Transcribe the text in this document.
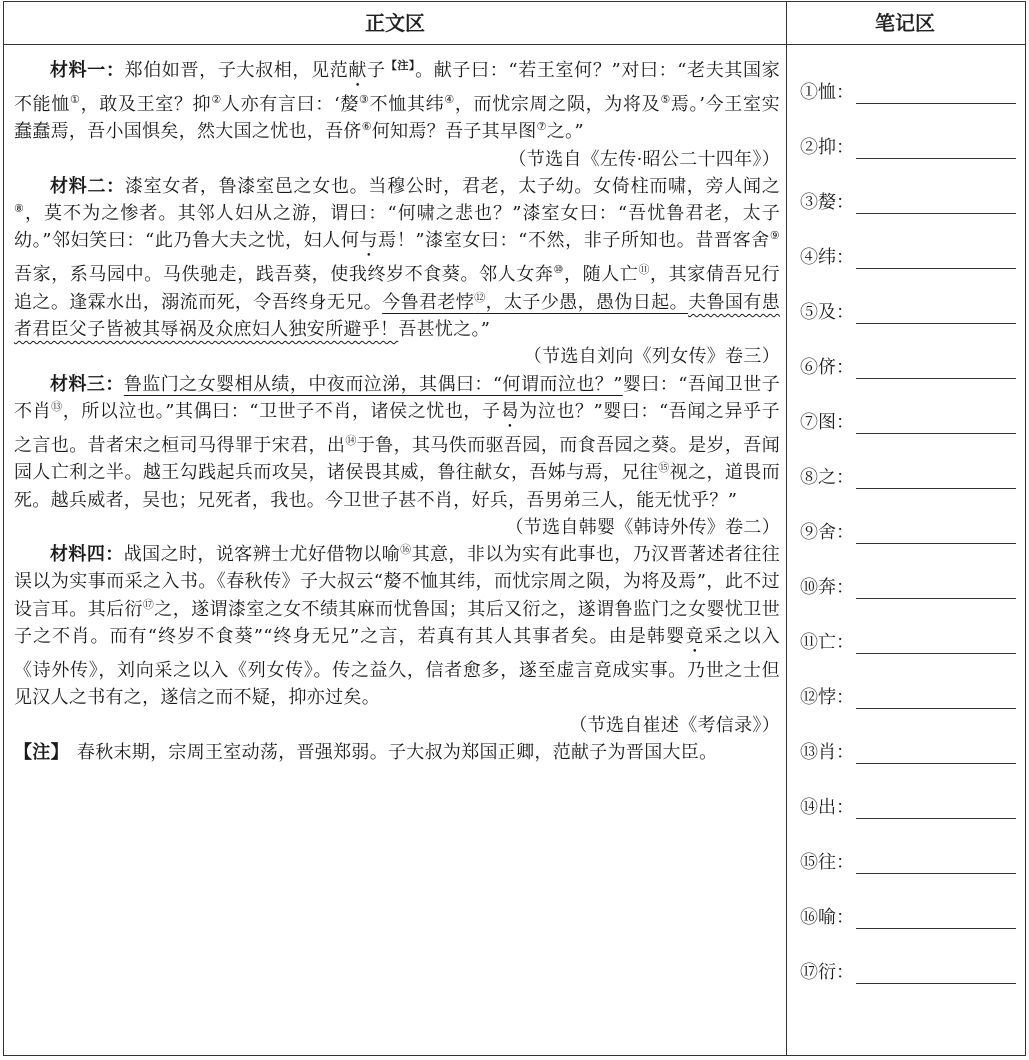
正文区	笔记区
材料一：郑伯如晋，子大叔相，见范献子$^{【注】}$。献子曰：“若王室何？”对曰：“老夫其国家不能恤①，敢及王室？抑②人亦有言曰：‘嫠③不恤其纬④，而忧宗周之陨，为将及⑤焉。’今王室实蠢蠢焉，吾小国惧矣，然大国之忧也，吾侪⑥何知焉？吾子其早图⑦之。”
（节选自《左传·昭公二十四年》）
材料二：漆室女者，鲁漆室邑之女也。当穆公时，君老，太子幼。女倚柱而啸，旁人闻之⑧，莫不为之惨者。其邻人妇从之游，谓曰：“何啸之悲也？”漆室女曰：“吾忧鲁君老，太子幼。”邻妇笑曰：“此乃鲁大夫之忧，妇人何与焉！”漆室女曰：“不然，非子所知也。昔晋客舍⑨吾家，系马园中。马佚驰走，践吾葵，使我终岁不食葵。邻人女奔⑩，随人亡⑪，其家倩吾兄行追之。逢霖水出，溺流而死，令吾终身无兄。今鲁君老悖⑫，太子少愚，愚伪日起。夫鲁国有患者君臣父子皆被其辱祸及众庶妇人独安所避乎！吾甚忧之。”
（节选自刘向《列女传》卷三）
材料三：鲁监门之女婴相从绩，中夜而泣涕，其偶曰：“何谓而泣也？”婴曰：“吾闻卫世子不肖⑬，所以泣也。”其偶曰：“卫世子不肖，诸侯之忧也，子曷为泣也？”婴曰：“吾闻之异乎子之言也。昔者宋之桓司马得罪于宋君，出⑭于鲁，其马佚而驱吾园，而食吾园之葵。是岁，吾闻园人亡利之半。越王勾践起兵而攻吴，诸侯畏其威，鲁往献女，吾姊与焉，兄往⑮视之，道畏而死。越兵威者，吴也；兄死者，我也。今卫世子甚不肖，好兵，吾男弟三人，能无忧乎？”
（节选自韩婴《韩诗外传》卷二）
材料四：战国之时，说客辨士尤好借物以喻⑯其意，非以为实有此事也，乃汉晋著述者往往误以为实事而采之入书。《春秋传》子大叔云“嫠不恤其纬，而忧宗周之陨，为将及焉”，此不过设言耳。其后衍⑰之，遂谓漆室之女不绩其麻而忧鲁国；其后又衍之，遂谓鲁监门之女婴忧卫世子之不肖。而有“终岁不食葵”“终身无兄”之言，若真有其人其事者矣。由是韩婴竟采之以入《诗外传》，刘向采之以入《列女传》。传之益久，信者愈多，遂至虚言竟成实事。乃世之士但见汉人之书有之，遂信之而不疑，抑亦过矣。
（节选自崔述《考信录》）
【注】 春秋末期，宗周王室动荡，晋强郑弱。子大叔为郑国正卿，范献子为晋国大臣。
①恤：
②抑：
③嫠：
④纬：
⑤及：
⑥侪：
⑦图：
⑧之：
⑨舍：
⑩奔：
⑪亡：
⑫悖：
⑬肖：
⑭出：
⑮往：
⑯喻：
⑰衍：
